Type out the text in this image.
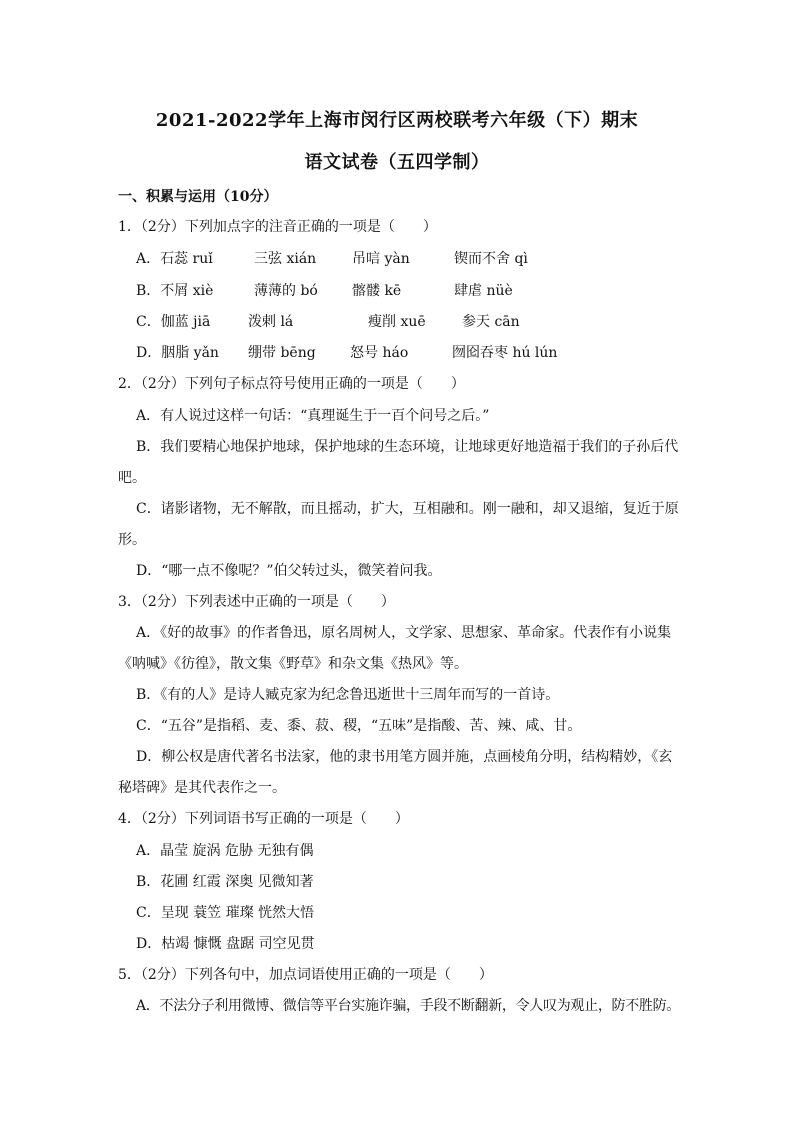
2021-2022学年上海市闵行区两校联考六年级（下）期末
语文试卷（五四学制）
一、积累与运用（10分）
1．（2分）下列加点字的注音正确的一项是（　　）
A．石蕊 ruǐ	三弦 xián	吊唁 yàn	锲而不舍 qì
B．不屑 xiè	薄薄的 bó 髂髅 kē	肆虐 nüè
C．伽蓝 jiā	泼剌 lá	瘦削 xuē	参天 cān
D．胭脂 yǎn 绷带 bēng 怒号 háo	囫囵吞枣 hú lún
2．（2分）下列句子标点符号使用正确的一项是（　　）
A．有人说过这样一句话：“真理诞生于一百个问号之后。”
B．我们要精心地保护地球，保护地球的生态环境，让地球更好地造福于我们的子孙后代
吧。
C．诸影诸物，无不解散，而且摇动，扩大，互相融和。刚一融和，却又退缩，复近于原
形。
D．“哪一点不像呢？”伯父转过头，微笑着问我。
3．（2分）下列表述中正确的一项是（　　）
A．《好的故事》的作者鲁迅，原名周树人，文学家、思想家、革命家。代表作有小说集
《呐喊》《彷徨》，散文集《野草》和杂文集《热风》等。
B．《有的人》是诗人臧克家为纪念鲁迅逝世十三周年而写的一首诗。
C．“五谷”是指稻、麦、黍、菽、稷，“五味”是指酸、苦、辣、咸、甘。
D．柳公权是唐代著名书法家，他的隶书用笔方圆并施，点画棱角分明，结构精妙，《玄
秘塔碑》是其代表作之一。
4．（2分）下列词语书写正确的一项是（　　）
A．晶莹 旋涡 危胁 无独有偶
B．花圃 红霞 深奥 见微知著
C．呈现 蓑笠 璀璨 恍然大悟
D．枯竭 慷慨 盘踞 司空见贯
5．（2分）下列各句中，加点词语使用正确的一项是（　　）
A．不法分子利用微博、微信等平台实施诈骗，手段不断翻新，令人叹为观止，防不胜防。
